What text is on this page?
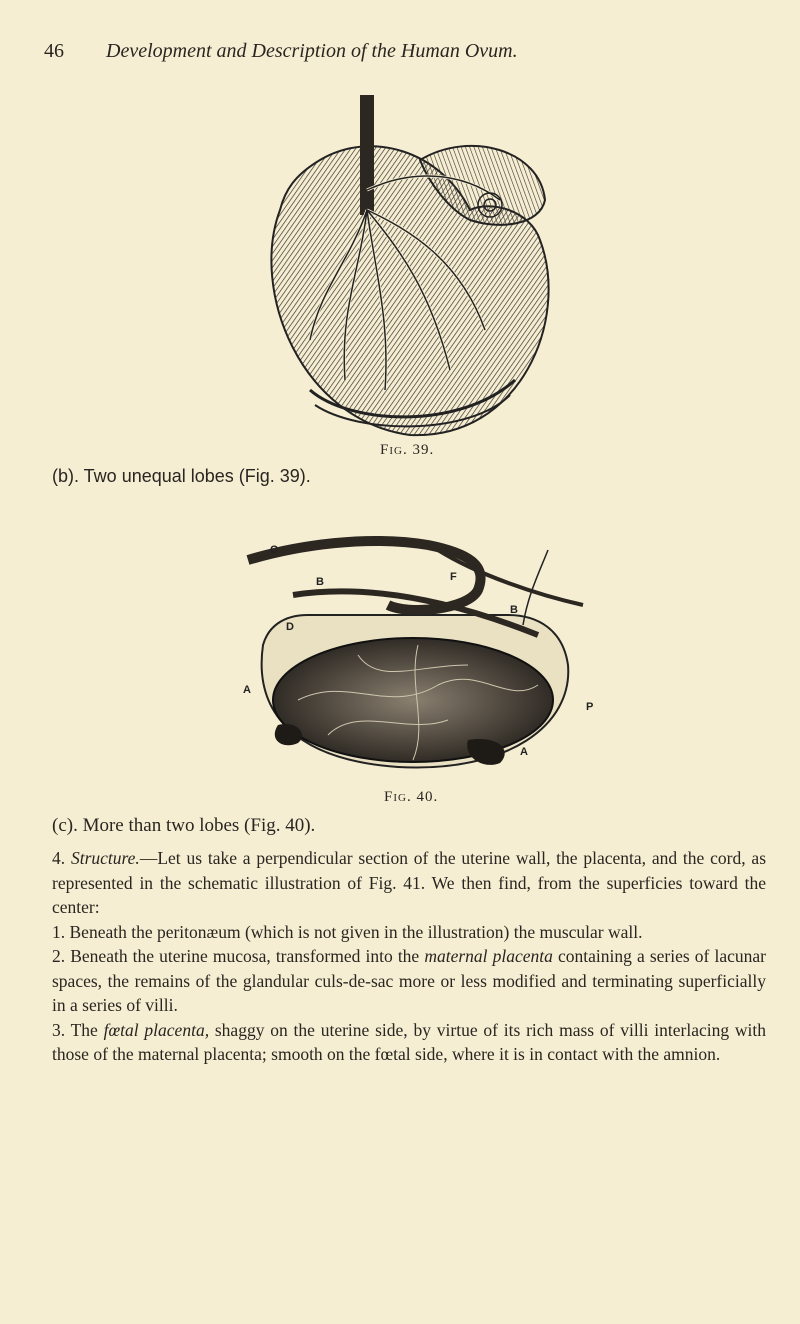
46 Development and Description of the Human Ovum.
Fig. 39.
(b). Two unequal lobes (Fig. 39).
C
D
A
B
B
F
P
A
Fig. 40.
(c). More than two lobes (Fig. 40).

4. Structure.—Let us take a perpendicular section of the uterine wall, the placenta, and the cord, as represented in the schematic illustration of Fig. 41. We then find, from the superficies toward the center:

1. Beneath the peritonæum (which is not given in the illustration) the muscular wall.

2. Beneath the uterine mucosa, transformed into the maternal placenta containing a series of lacunar spaces, the remains of the glandular culs-de-sac more or less modified and terminating superficially in a series of villi.

3. The fœtal placenta, shaggy on the uterine side, by virtue of its rich mass of villi interlacing with those of the maternal placenta; smooth on the fœtal side, where it is in contact with the amnion.
